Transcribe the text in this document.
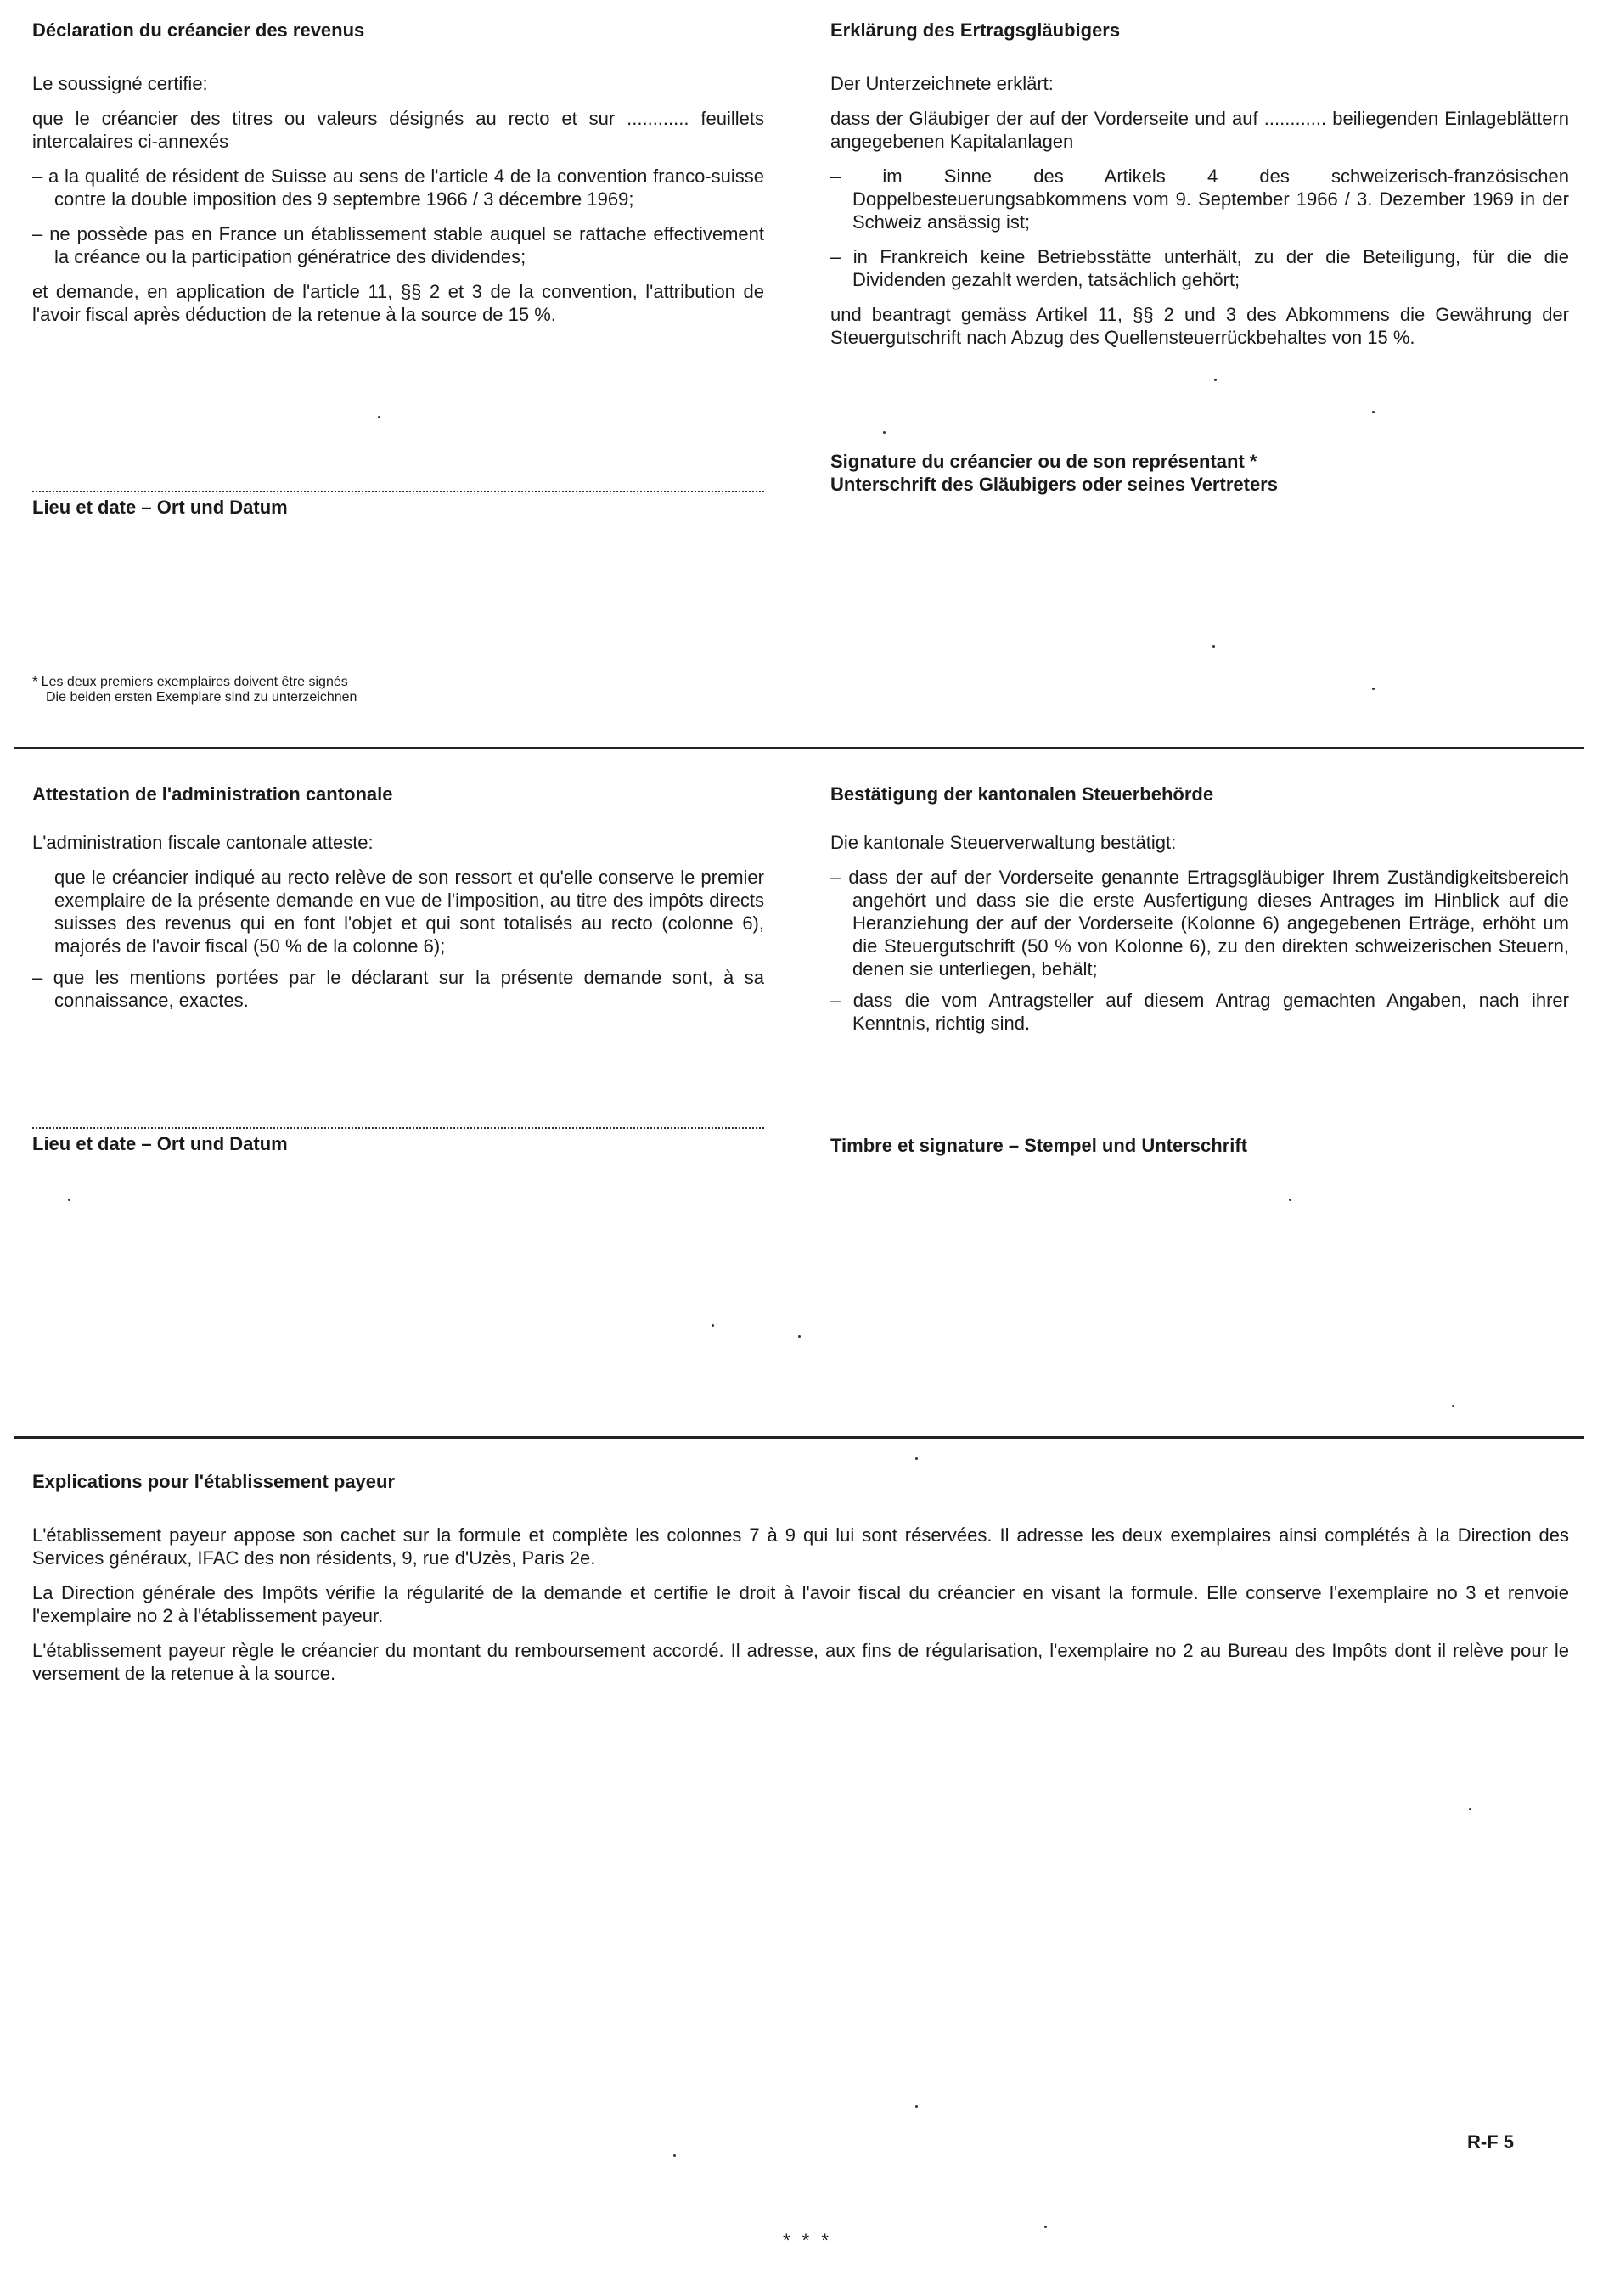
Déclaration du créancier des revenus

Le soussigné certifie:

que le créancier des titres ou valeurs désignés au recto et sur ............ feuillets intercalaires ci-annexés

– a la qualité de résident de Suisse au sens de l'article 4 de la convention franco-suisse contre la double imposition des 9 septembre 1966 / 3 décembre 1969;

– ne possède pas en France un établissement stable auquel se rattache effectivement la créance ou la participation génératrice des dividendes;

et demande, en application de l'article 11, §§ 2 et 3 de la convention, l'attribution de l'avoir fiscal après déduction de la retenue à la source de 15 %.

Lieu et date – Ort und Datum

* Les deux premiers exemplaires doivent être signés

Die beiden ersten Exemplare sind zu unterzeichnen

Erklärung des Ertragsgläubigers

Der Unterzeichnete erklärt:

dass der Gläubiger der auf der Vorderseite und auf ............ beiliegenden Einlageblättern angegebenen Kapitalanlagen

– im Sinne des Artikels 4 des schweizerisch-französischen Doppelbesteuerungsabkommens vom 9. September 1966 / 3. Dezember 1969 in der Schweiz ansässig ist;

– in Frankreich keine Betriebsstätte unterhält, zu der die Beteiligung, für die die Dividenden gezahlt werden, tatsächlich gehört;

und beantragt gemäss Artikel 11, §§ 2 und 3 des Abkommens die Gewährung der Steuergutschrift nach Abzug des Quellensteuerrückbehaltes von 15 %.

Signature du créancier ou de son représentant *

Unterschrift des Gläubigers oder seines Vertreters

Attestation de l'administration cantonale

L'administration fiscale cantonale atteste:

que le créancier indiqué au recto relève de son ressort et qu'elle conserve le premier exemplaire de la présente demande en vue de l'imposition, au titre des impôts directs suisses des revenus qui en font l'objet et qui sont totalisés au recto (colonne 6), majorés de l'avoir fiscal (50 % de la colonne 6);

– que les mentions portées par le déclarant sur la présente demande sont, à sa connaissance, exactes.

Lieu et date – Ort und Datum

Bestätigung der kantonalen Steuerbehörde

Die kantonale Steuerverwaltung bestätigt:

– dass der auf der Vorderseite genannte Ertragsgläubiger Ihrem Zuständigkeitsbereich angehört und dass sie die erste Ausfertigung dieses Antrages im Hinblick auf die Heranziehung der auf der Vorderseite (Kolonne 6) angegebenen Erträge, erhöht um die Steuergutschrift (50 % von Kolonne 6), zu den direkten schweizerischen Steuern, denen sie unterliegen, behält;

– dass die vom Antragsteller auf diesem Antrag gemachten Angaben, nach ihrer Kenntnis, richtig sind.

Timbre et signature – Stempel und Unterschrift

Explications pour l'établissement payeur

L'établissement payeur appose son cachet sur la formule et complète les colonnes 7 à 9 qui lui sont réservées. Il adresse les deux exemplaires ainsi complétés à la Direction des Services généraux, IFAC des non résidents, 9, rue d'Uzès, Paris 2e.

La Direction générale des Impôts vérifie la régularité de la demande et certifie le droit à l'avoir fiscal du créancier en visant la formule. Elle conserve l'exemplaire no 3 et renvoie l'exemplaire no 2 à l'établissement payeur.

L'établissement payeur règle le créancier du montant du remboursement accordé. Il adresse, aux fins de régularisation, l'exemplaire no 2 au Bureau des Impôts dont il relève pour le versement de la retenue à la source.

R-F 5
* * *
